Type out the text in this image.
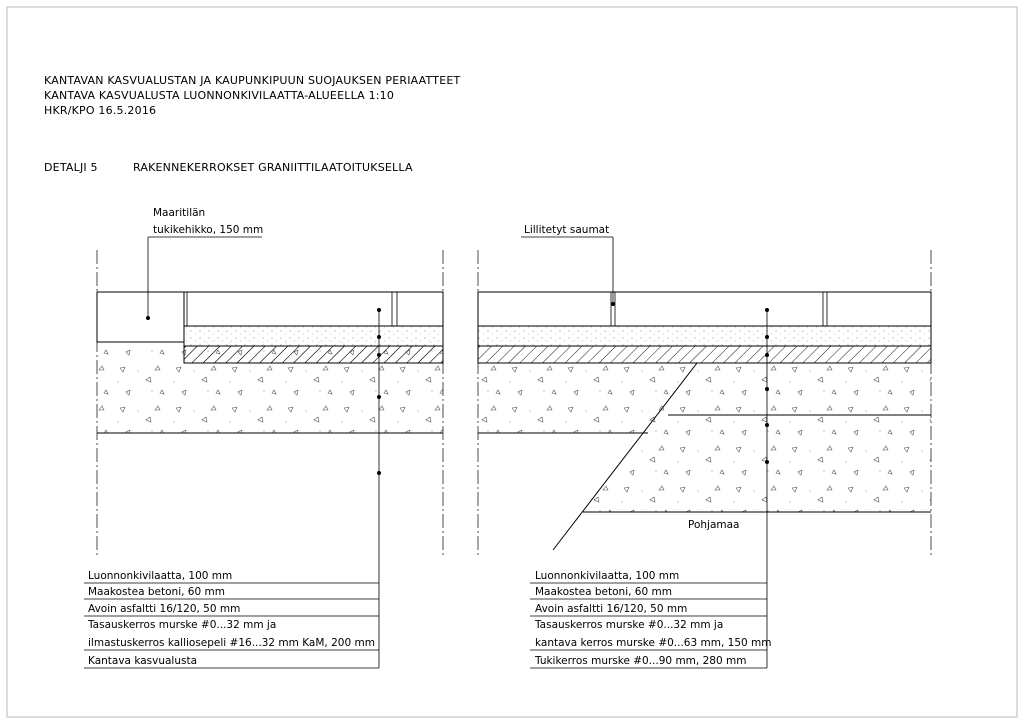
KANTAVAN KASVUALUSTAN JA KAUPUNKIPUUN SUOJAUKSEN PERIAATTEET
KANTAVA KASVUALUSTA LUONNONKIVILAATTA-ALUEELLA 1:10
HKR/KPO 16.5.2016
DETALJI 5	RAKENNEKERROKSET GRANIITTILAATOITUKSELLA
Maaritilän
tukikehikko, 150 mm
Luonnonkivilaatta, 100 mm
Maakostea betoni, 60 mm
Avoin asfaltti 16/120, 50 mm
Tasauskerros murske #0...32 mm ja
ilmastuskerros kalliosepeli #16...32 mm KaM, 200 mm
Kantava kasvualusta
Pohjamaa
Lillitetyt saumat
Luonnonkivilaatta, 100 mm
Maakostea betoni, 60 mm
Avoin asfaltti 16/120, 50 mm
Tasauskerros murske #0...32 mm ja
kantava kerros murske #0...63 mm, 150 mm
Tukikerros murske #0...90 mm, 280 mm
